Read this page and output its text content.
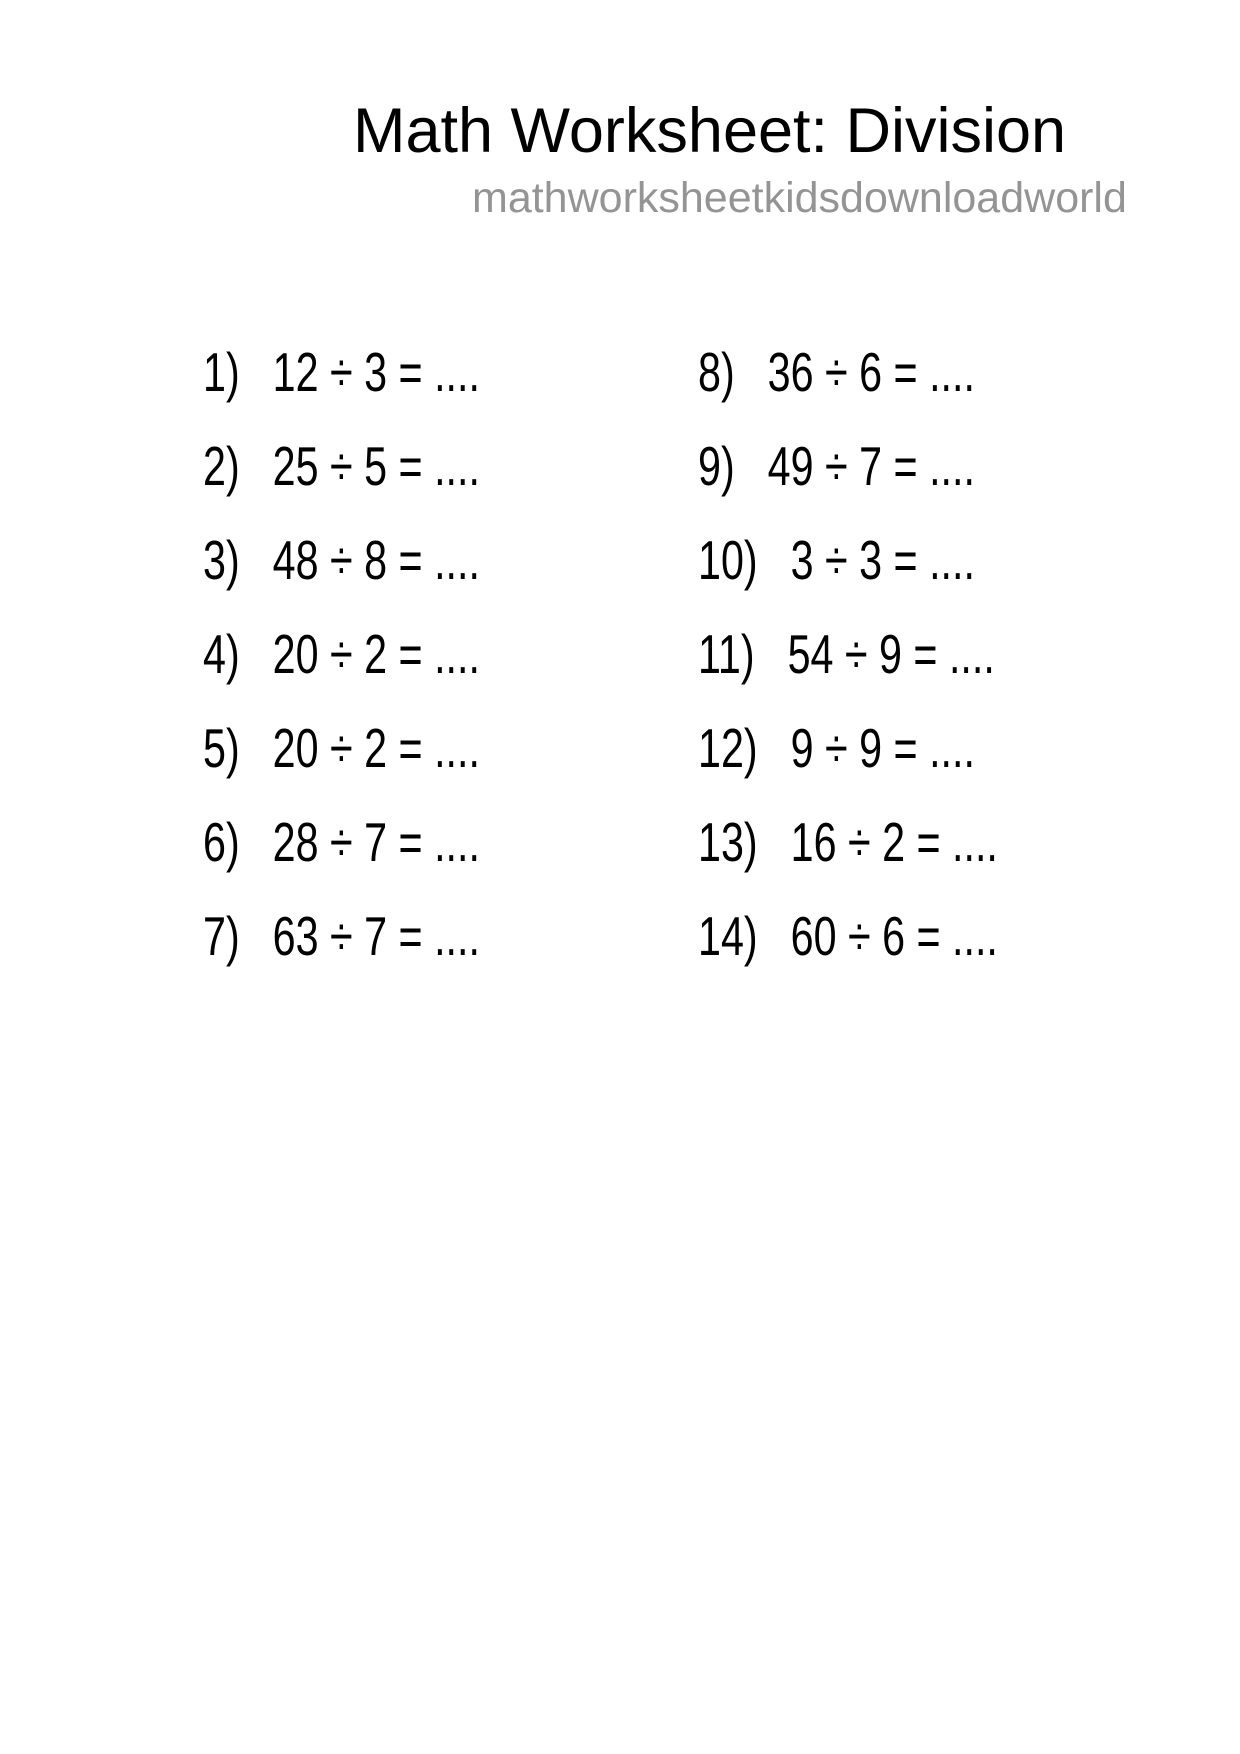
Math Worksheet: Division
mathworksheetkidsdownloadworld
1) 12 ÷ 3 = ....
2) 25 ÷ 5 = ....
3) 48 ÷ 8 = ....
4) 20 ÷ 2 = ....
5) 20 ÷ 2 = ....
6) 28 ÷ 7 = ....
7) 63 ÷ 7 = ....
8) 36 ÷ 6 = ....
9) 49 ÷ 7 = ....
10) 3 ÷ 3 = ....
11) 54 ÷ 9 = ....
12) 9 ÷ 9 = ....
13) 16 ÷ 2 = ....
14) 60 ÷ 6 = ....
